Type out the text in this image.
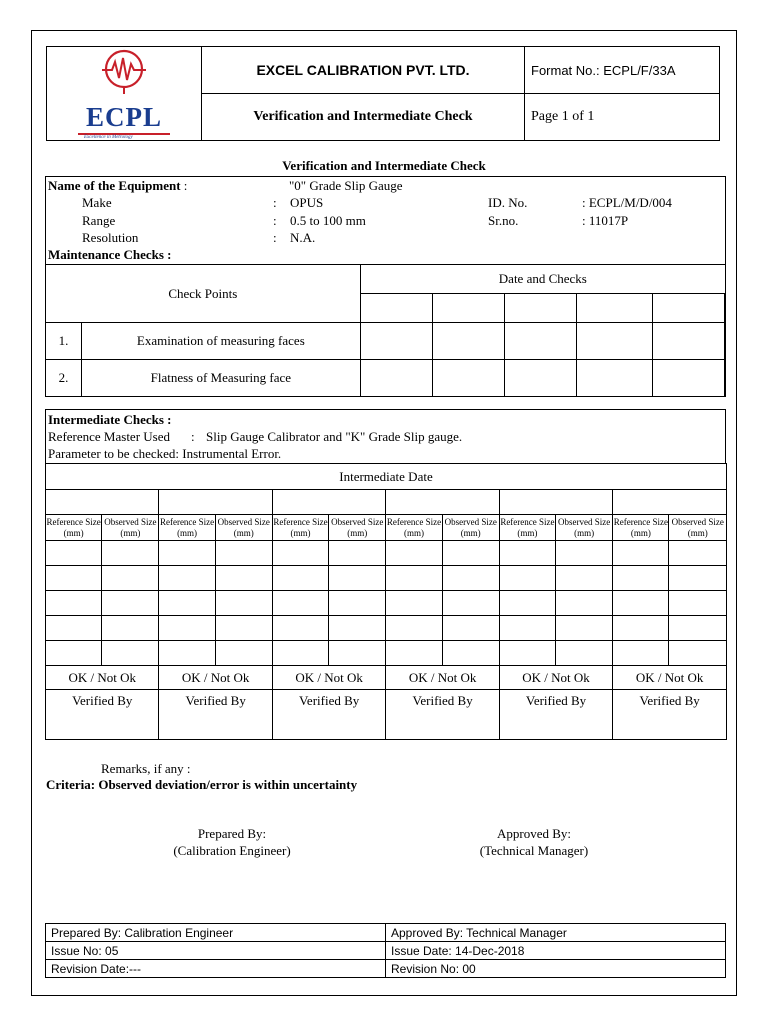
ECPL
Excellence in Metrology	EXCEL CALIBRATION PVT. LTD.	Format No.: ECPL/F/33A
	Verification and Intermediate Check	Page 1 of 1
Verification and Intermediate Check
Name of the Equipment :	"0" Grade Slip Gauge
Make	: OPUS	ID. No.	: ECPL/M/D/004
Range	: 0.5 to 100 mm	Sr.no.	: 11017P
Resolution	: N.A.
Maintenance Checks :
Check Points		Date and Checks					

1.	Examination of measuring faces						
2.	Flatness of Measuring face						
Intermediate Checks :
Reference Master Used : Slip Gauge Calibrator and "K" Grade Slip gauge.
Parameter to be checked: Instrumental Error.
Intermediate Date											

Reference Size (mm)	Observed Size (mm)	Reference Size (mm)	Observed Size (mm)	Reference Size (mm)	Observed Size (mm)	Reference Size (mm)	Observed Size (mm)	Reference Size (mm)	Observed Size (mm)	Reference Size (mm)	Observed Size (mm)

OK / Not Ok		OK / Not Ok		OK / Not Ok		OK / Not Ok		OK / Not Ok		OK / Not Ok	
Verified By		Verified By		Verified By		Verified By		Verified By		Verified By	
Remarks, if any :
Criteria: Observed deviation/error is within uncertainty
Prepared By:
(Calibration Engineer)
Approved By:
(Technical Manager)
Prepared By: Calibration Engineer	Approved By: Technical Manager
Issue No: 05	Issue Date: 14-Dec-2018
Revision Date:---	Revision No: 00
